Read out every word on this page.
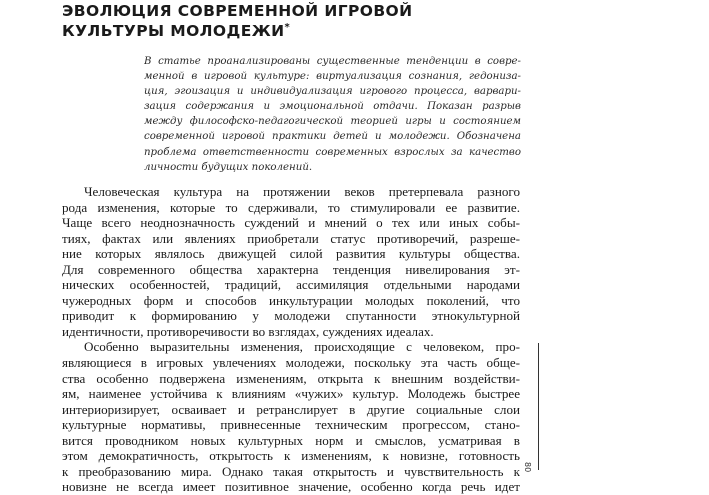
ЭВОЛЮЦИЯ СОВРЕМЕННОЙ ИГРОВОЙ
КУЛЬТУРЫ МОЛОДЕЖИ*
В статье проанализированы существенные тенденции в совре-
менной в игровой культуре: виртуализация сознания, гедониза-
ция, эгоизация и индивидуализация игрового процесса, варвари-
зация содержания и эмоциональной отдачи. Показан разрыв
между философско-педагогической теорией игры и состоянием
современной игровой практики детей и молодежи. Обозначена
проблема ответственности современных взрослых за качество
личности будущих поколений.
Человеческая культура на протяжении веков претерпевала разного
рода изменения, которые то сдерживали, то стимулировали ее развитие.
Чаще всего неоднозначность суждений и мнений о тех или иных собы-
тиях, фактах или явлениях приобретали статус противоречий, разреше-
ние которых являлось движущей силой развития культуры общества.
Для современного общества характерна тенденция нивелирования эт-
нических особенностей, традиций, ассимиляция отдельными народами
чужеродных форм и способов инкультурации молодых поколений, что
приводит к формированию у молодежи спутанности этнокультурной
идентичности, противоречивости во взглядах, суждениях идеалах.
Особенно выразительны изменения, происходящие с человеком, про-
являющиеся в игровых увлечениях молодежи, поскольку эта часть обще-
ства особенно подвержена изменениям, открыта к внешним воздействи-
ям, наименее устойчива к влияниям «чужих» культур. Молодежь быстрее
интериоризирует, осваивает и ретранслирует в другие социальные слои
культурные нормативы, привнесенные техническим прогрессом, стано-
вится проводником новых культурных норм и смыслов, усматривая в
этом демократичность, открытость к изменениям, к новизне, готовность
к преобразованию мира. Однако такая открытость и чувствительность к
новизне не всегда имеет позитивное значение, особенно когда речь идет
80
